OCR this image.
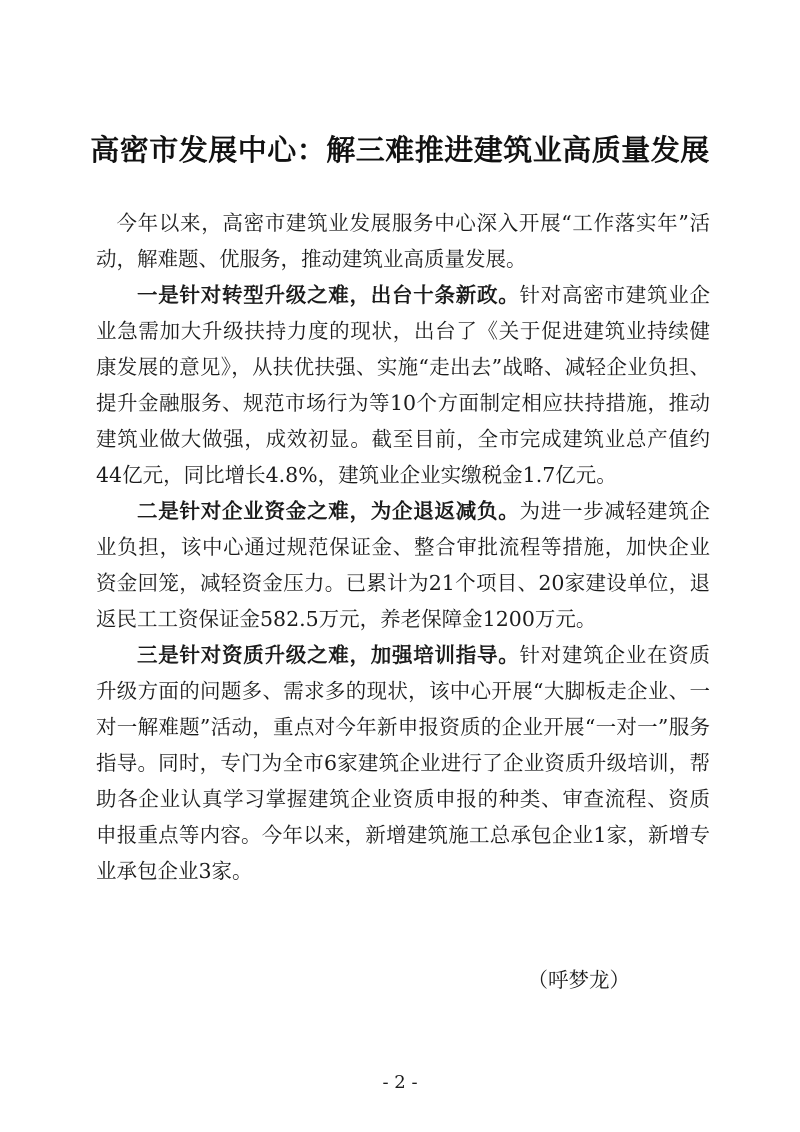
高密市发展中心：解三难推进建筑业高质量发展

今年以来，高密市建筑业发展服务中心深入开展“工作落实年”活动，解难题、优服务，推动建筑业高质量发展。

一是针对转型升级之难，出台十条新政。针对高密市建筑业企业急需加大升级扶持力度的现状，出台了《关于促进建筑业持续健康发展的意见》，从扶优扶强、实施“走出去”战略、减轻企业负担、提升金融服务、规范市场行为等10个方面制定相应扶持措施，推动建筑业做大做强，成效初显。截至目前，全市完成建筑业总产值约44亿元，同比增长4.8%，建筑业企业实缴税金1.7亿元。

二是针对企业资金之难，为企退返减负。为进一步减轻建筑企业负担，该中心通过规范保证金、整合审批流程等措施，加快企业资金回笼，减轻资金压力。已累计为21个项目、20家建设单位，退返民工工资保证金582.5万元，养老保障金1200万元。

三是针对资质升级之难，加强培训指导。针对建筑企业在资质升级方面的问题多、需求多的现状，该中心开展“大脚板走企业、一对一解难题”活动，重点对今年新申报资质的企业开展“一对一”服务指导。同时，专门为全市6家建筑企业进行了企业资质升级培训，帮助各企业认真学习掌握建筑企业资质申报的种类、审查流程、资质申报重点等内容。今年以来，新增建筑施工总承包企业1家，新增专业承包企业3家。

（呼梦龙）
- 2 -
